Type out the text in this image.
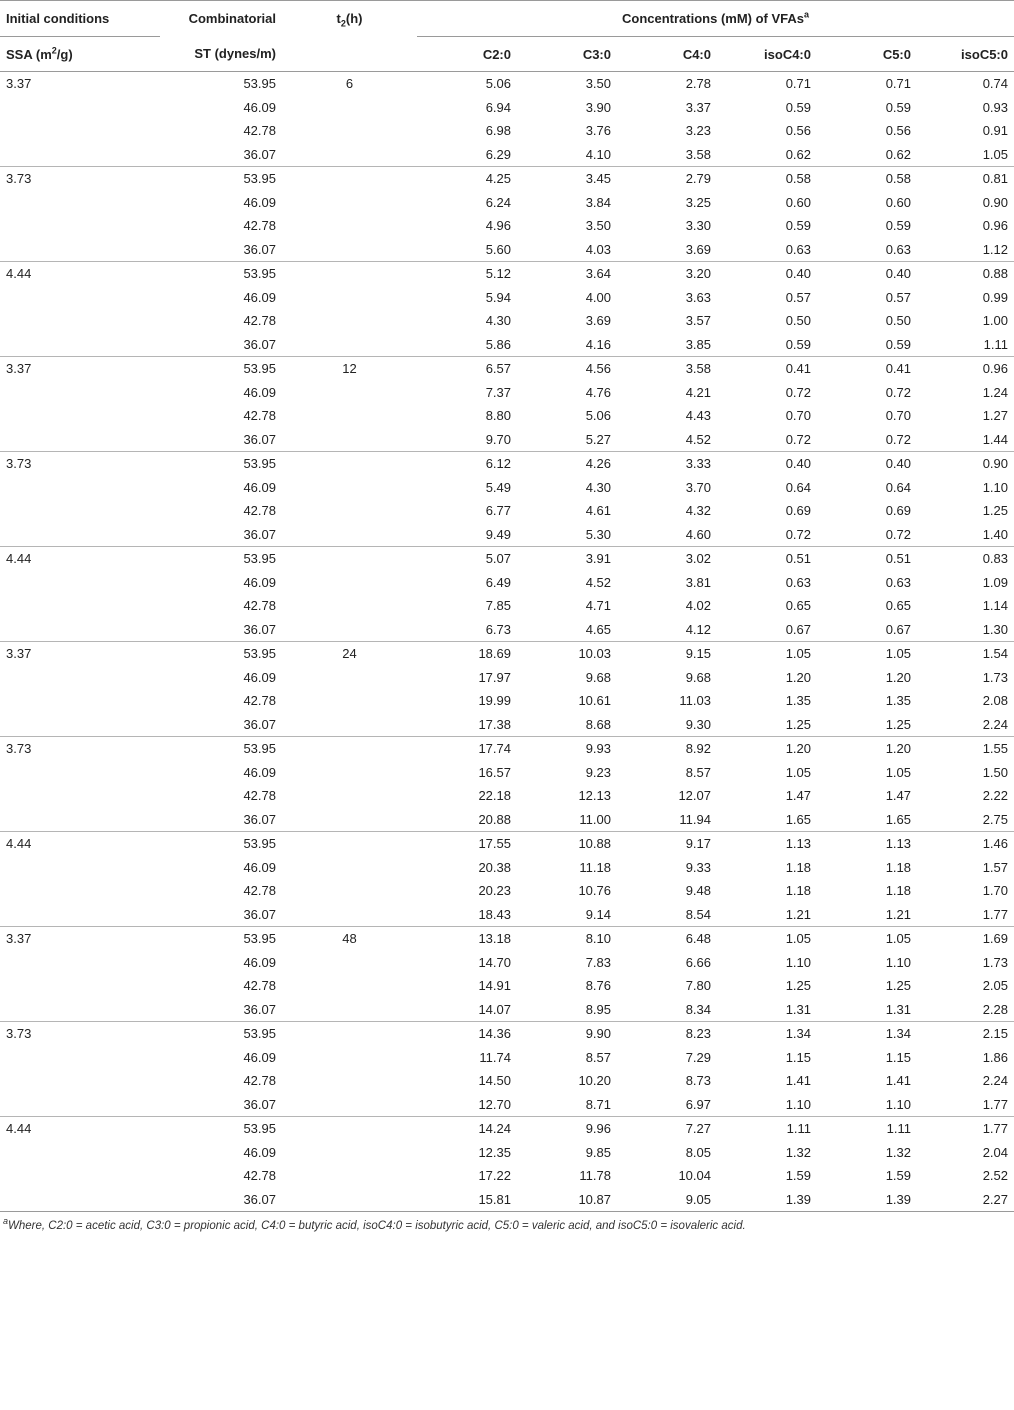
Initial conditions	Combinatorial	$t_2(h)$	Concentrations (mM) of VFAs$^a$
SSA $(m^2/g)$	ST (dynes/m)		C2:0	C3:0	C4:0	isoC4:0	C5:0	isoC5:0
3.37	53.95	6	5.06	3.50	2.78	0.71	0.71	0.74
	46.09		6.94	3.90	3.37	0.59	0.59	0.93
	42.78		6.98	3.76	3.23	0.56	0.56	0.91
	36.07		6.29	4.10	3.58	0.62	0.62	1.05
3.73	53.95		4.25	3.45	2.79	0.58	0.58	0.81
	46.09		6.24	3.84	3.25	0.60	0.60	0.90
	42.78		4.96	3.50	3.30	0.59	0.59	0.96
	36.07		5.60	4.03	3.69	0.63	0.63	1.12
4.44	53.95		5.12	3.64	3.20	0.40	0.40	0.88
	46.09		5.94	4.00	3.63	0.57	0.57	0.99
	42.78		4.30	3.69	3.57	0.50	0.50	1.00
	36.07		5.86	4.16	3.85	0.59	0.59	1.11
3.37	53.95	12	6.57	4.56	3.58	0.41	0.41	0.96
	46.09		7.37	4.76	4.21	0.72	0.72	1.24
	42.78		8.80	5.06	4.43	0.70	0.70	1.27
	36.07		9.70	5.27	4.52	0.72	0.72	1.44
3.73	53.95		6.12	4.26	3.33	0.40	0.40	0.90
	46.09		5.49	4.30	3.70	0.64	0.64	1.10
	42.78		6.77	4.61	4.32	0.69	0.69	1.25
	36.07		9.49	5.30	4.60	0.72	0.72	1.40
4.44	53.95		5.07	3.91	3.02	0.51	0.51	0.83
	46.09		6.49	4.52	3.81	0.63	0.63	1.09
	42.78		7.85	4.71	4.02	0.65	0.65	1.14
	36.07		6.73	4.65	4.12	0.67	0.67	1.30
3.37	53.95	24	18.69	10.03	9.15	1.05	1.05	1.54
	46.09		17.97	9.68	9.68	1.20	1.20	1.73
	42.78		19.99	10.61	11.03	1.35	1.35	2.08
	36.07		17.38	8.68	9.30	1.25	1.25	2.24
3.73	53.95		17.74	9.93	8.92	1.20	1.20	1.55
	46.09		16.57	9.23	8.57	1.05	1.05	1.50
	42.78		22.18	12.13	12.07	1.47	1.47	2.22
	36.07		20.88	11.00	11.94	1.65	1.65	2.75
4.44	53.95		17.55	10.88	9.17	1.13	1.13	1.46
	46.09		20.38	11.18	9.33	1.18	1.18	1.57
	42.78		20.23	10.76	9.48	1.18	1.18	1.70
	36.07		18.43	9.14	8.54	1.21	1.21	1.77
3.37	53.95	48	13.18	8.10	6.48	1.05	1.05	1.69
	46.09		14.70	7.83	6.66	1.10	1.10	1.73
	42.78		14.91	8.76	7.80	1.25	1.25	2.05
	36.07		14.07	8.95	8.34	1.31	1.31	2.28
3.73	53.95		14.36	9.90	8.23	1.34	1.34	2.15
	46.09		11.74	8.57	7.29	1.15	1.15	1.86
	42.78		14.50	10.20	8.73	1.41	1.41	2.24
	36.07		12.70	8.71	6.97	1.10	1.10	1.77
4.44	53.95		14.24	9.96	7.27	1.11	1.11	1.77
	46.09		12.35	9.85	8.05	1.32	1.32	2.04
	42.78		17.22	11.78	10.04	1.59	1.59	2.52
	36.07		15.81	10.87	9.05	1.39	1.39	2.27
$^a$Where, C2:0 = acetic acid, C3:0 = propionic acid, C4:0 = butyric acid, isoC4:0 = isobutyric acid, C5:0 = valeric acid, and isoC5:0 = isovaleric acid.
